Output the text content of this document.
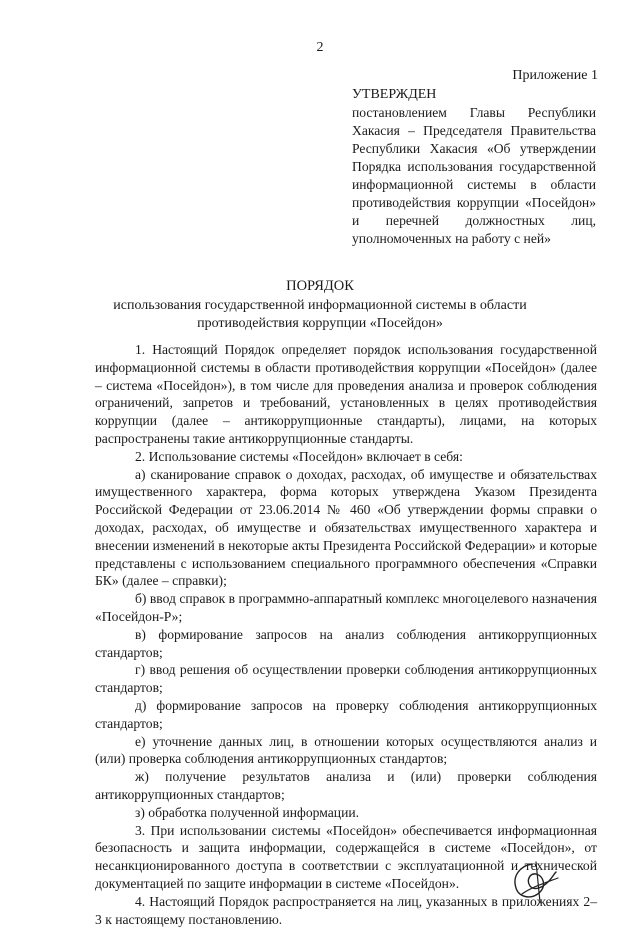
2
Приложение 1
УТВЕРЖДЕН
постановлением Главы Республики Хакасия – Председателя Правительства Республики Хакасия «Об утверждении Порядка использования государственной информационной системы в области противодействия коррупции «Посейдон» и перечней должностных лиц, уполномоченных на работу с ней»
ПОРЯДОК
использования государственной информационной системы в области противодействия коррупции «Посейдон»

1. Настоящий Порядок определяет порядок использования государственной информационной системы в области противодействия коррупции «Посейдон» (далее – система «Посейдон»), в том числе для проведения анализа и проверок соблюдения ограничений, запретов и требований, установленных в целях противодействия коррупции (далее – антикоррупционные стандарты), лицами, на которых распространены такие антикоррупционные стандарты.

2. Использование системы «Посейдон» включает в себя:

а) сканирование справок о доходах, расходах, об имуществе и обязательствах имущественного характера, форма которых утверждена Указом Президента Российской Федерации от 23.06.2014 № 460 «Об утверждении формы справки о доходах, расходах, об имуществе и обязательствах имущественного характера и внесении изменений в некоторые акты Президента Российской Федерации» и которые представлены с использованием специального программного обеспечения «Справки БК» (далее – справки);

б) ввод справок в программно-аппаратный комплекс многоцелевого назначения «Посейдон-Р»;

в) формирование запросов на анализ соблюдения антикоррупционных стандартов;

г) ввод решения об осуществлении проверки соблюдения антикоррупционных стандартов;

д) формирование запросов на проверку соблюдения антикоррупционных стандартов;

е) уточнение данных лиц, в отношении которых осуществляются анализ и (или) проверка соблюдения антикоррупционных стандартов;

ж) получение результатов анализа и (или) проверки соблюдения антикоррупционных стандартов;

з) обработка полученной информации.

3. При использовании системы «Посейдон» обеспечивается информационная безопасность и защита информации, содержащейся в системе «Посейдон», от несанкционированного доступа в соответствии с эксплуатационной и технической документацией по защите информации в системе «Посейдон».

4. Настоящий Порядок распространяется на лиц, указанных в приложениях 2–3 к настоящему постановлению.
